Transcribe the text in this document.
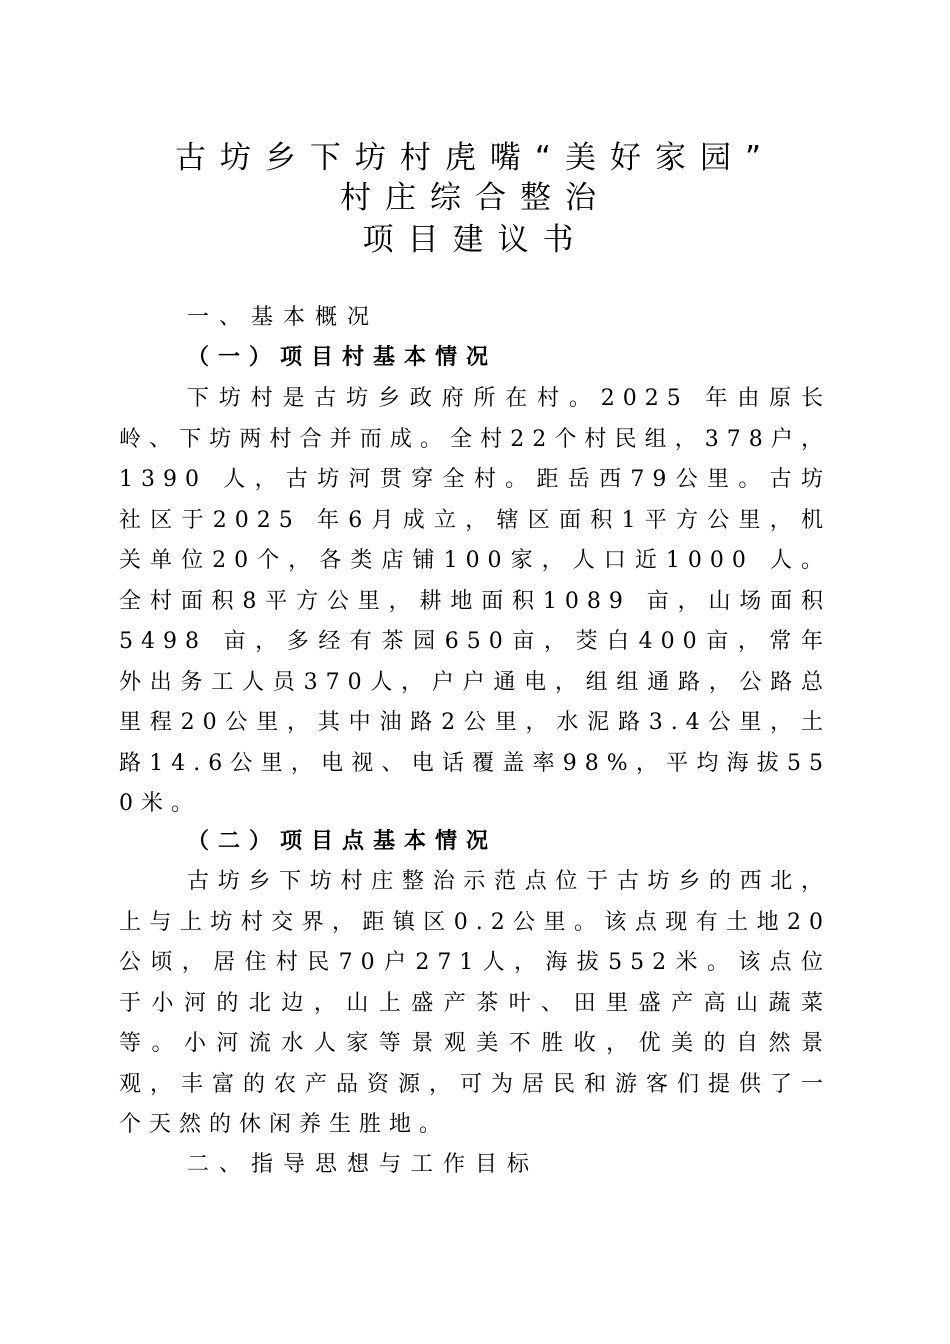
古坊乡下坊村虎嘴“美好家园”
村庄综合整治
项目建议书
一、基本概况
（一）项目村基本情况
下坊村是古坊乡政府所在村。2025 年由原长岭、下坊两村合并而成。全村22个村民组，378户，1390 人，古坊河贯穿全村。距岳西79公里。古坊社区于2025 年6月成立，辖区面积1平方公里，机关单位20个，各类店铺100家，人口近1000 人。全村面积8平方公里，耕地面积1089 亩，山场面积5498 亩，多经有茶园650亩，茭白400亩，常年外出务工人员370人，户户通电，组组通路，公路总里程20公里，其中油路2公里，水泥路3.4公里，土路14.6公里，电视、电话覆盖率98%，平均海拔550米。
（二）项目点基本情况
古坊乡下坊村庄整治示范点位于古坊乡的西北，上与上坊村交界，距镇区0.2公里。该点现有土地20公顷，居住村民70户271人，海拔552米。该点位于小河的北边，山上盛产茶叶、田里盛产高山蔬菜等。小河流水人家等景观美不胜收，优美的自然景观，丰富的农产品资源，可为居民和游客们提供了一个天然的休闲养生胜地。
二、指导思想与工作目标
